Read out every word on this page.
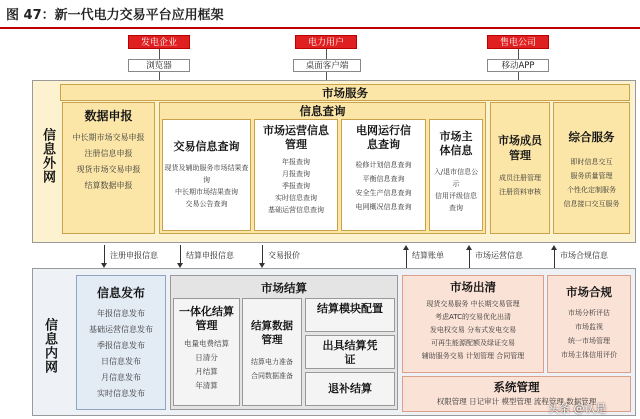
图 47：新一代电力交易平台应用框架
发电企业	电力用户	售电公司
浏览器	桌面客户端	移动APP
信息外网
市场服务
数据申报
中长期市场交易申报
注册信息申报
现货市场交易申报
结算数据申报
信息查询
交易信息查询
现货及辅助服务市场结果查询
中长期市场结果查询
交易公告查询
市场运营信息管理
年报查询
月报查询
季报查询
实时信息查询
基础运营信息查询
电网运行信息查询
检修计划信息查询
平衡信息查询
安全生产信息查询
电网概况信息查询
市场主体信息
入/退市信息公示
信用评级信息查询
市场成员管理
成员注册管理
注册资料审核
综合服务
即时信息交互
服务质量管理
个性化定制服务
信息接口交互服务
注册申报信息	结算申报信息	交易报价	结算账单	市场运营信息	市场合规信息
信息内网
信息发布
年报信息发布
基础运营信息发布
季报信息发布
日信息发布
月信息发布
实时信息发布
市场结算
一体化结算管理
电量电费结算
日清分
月结算
年清算
结算数据管理
结算电力准备
合同数据准备
结算模块配置
出具结算凭证
退补结算
市场出清
现货交易服务 中长期交易管理
考虑ATC的交易优化出清
发电权交易 分布式发电交易
可再生能源配额及绿证交易
辅助服务交易 计划管理 合同管理
市场合规
市场分析评估
市场监视
统一市场管理
市场主体信用评价
系统管理
权限管理 日记审计 模型管理 流程管理 数据管理
头条 @认是
